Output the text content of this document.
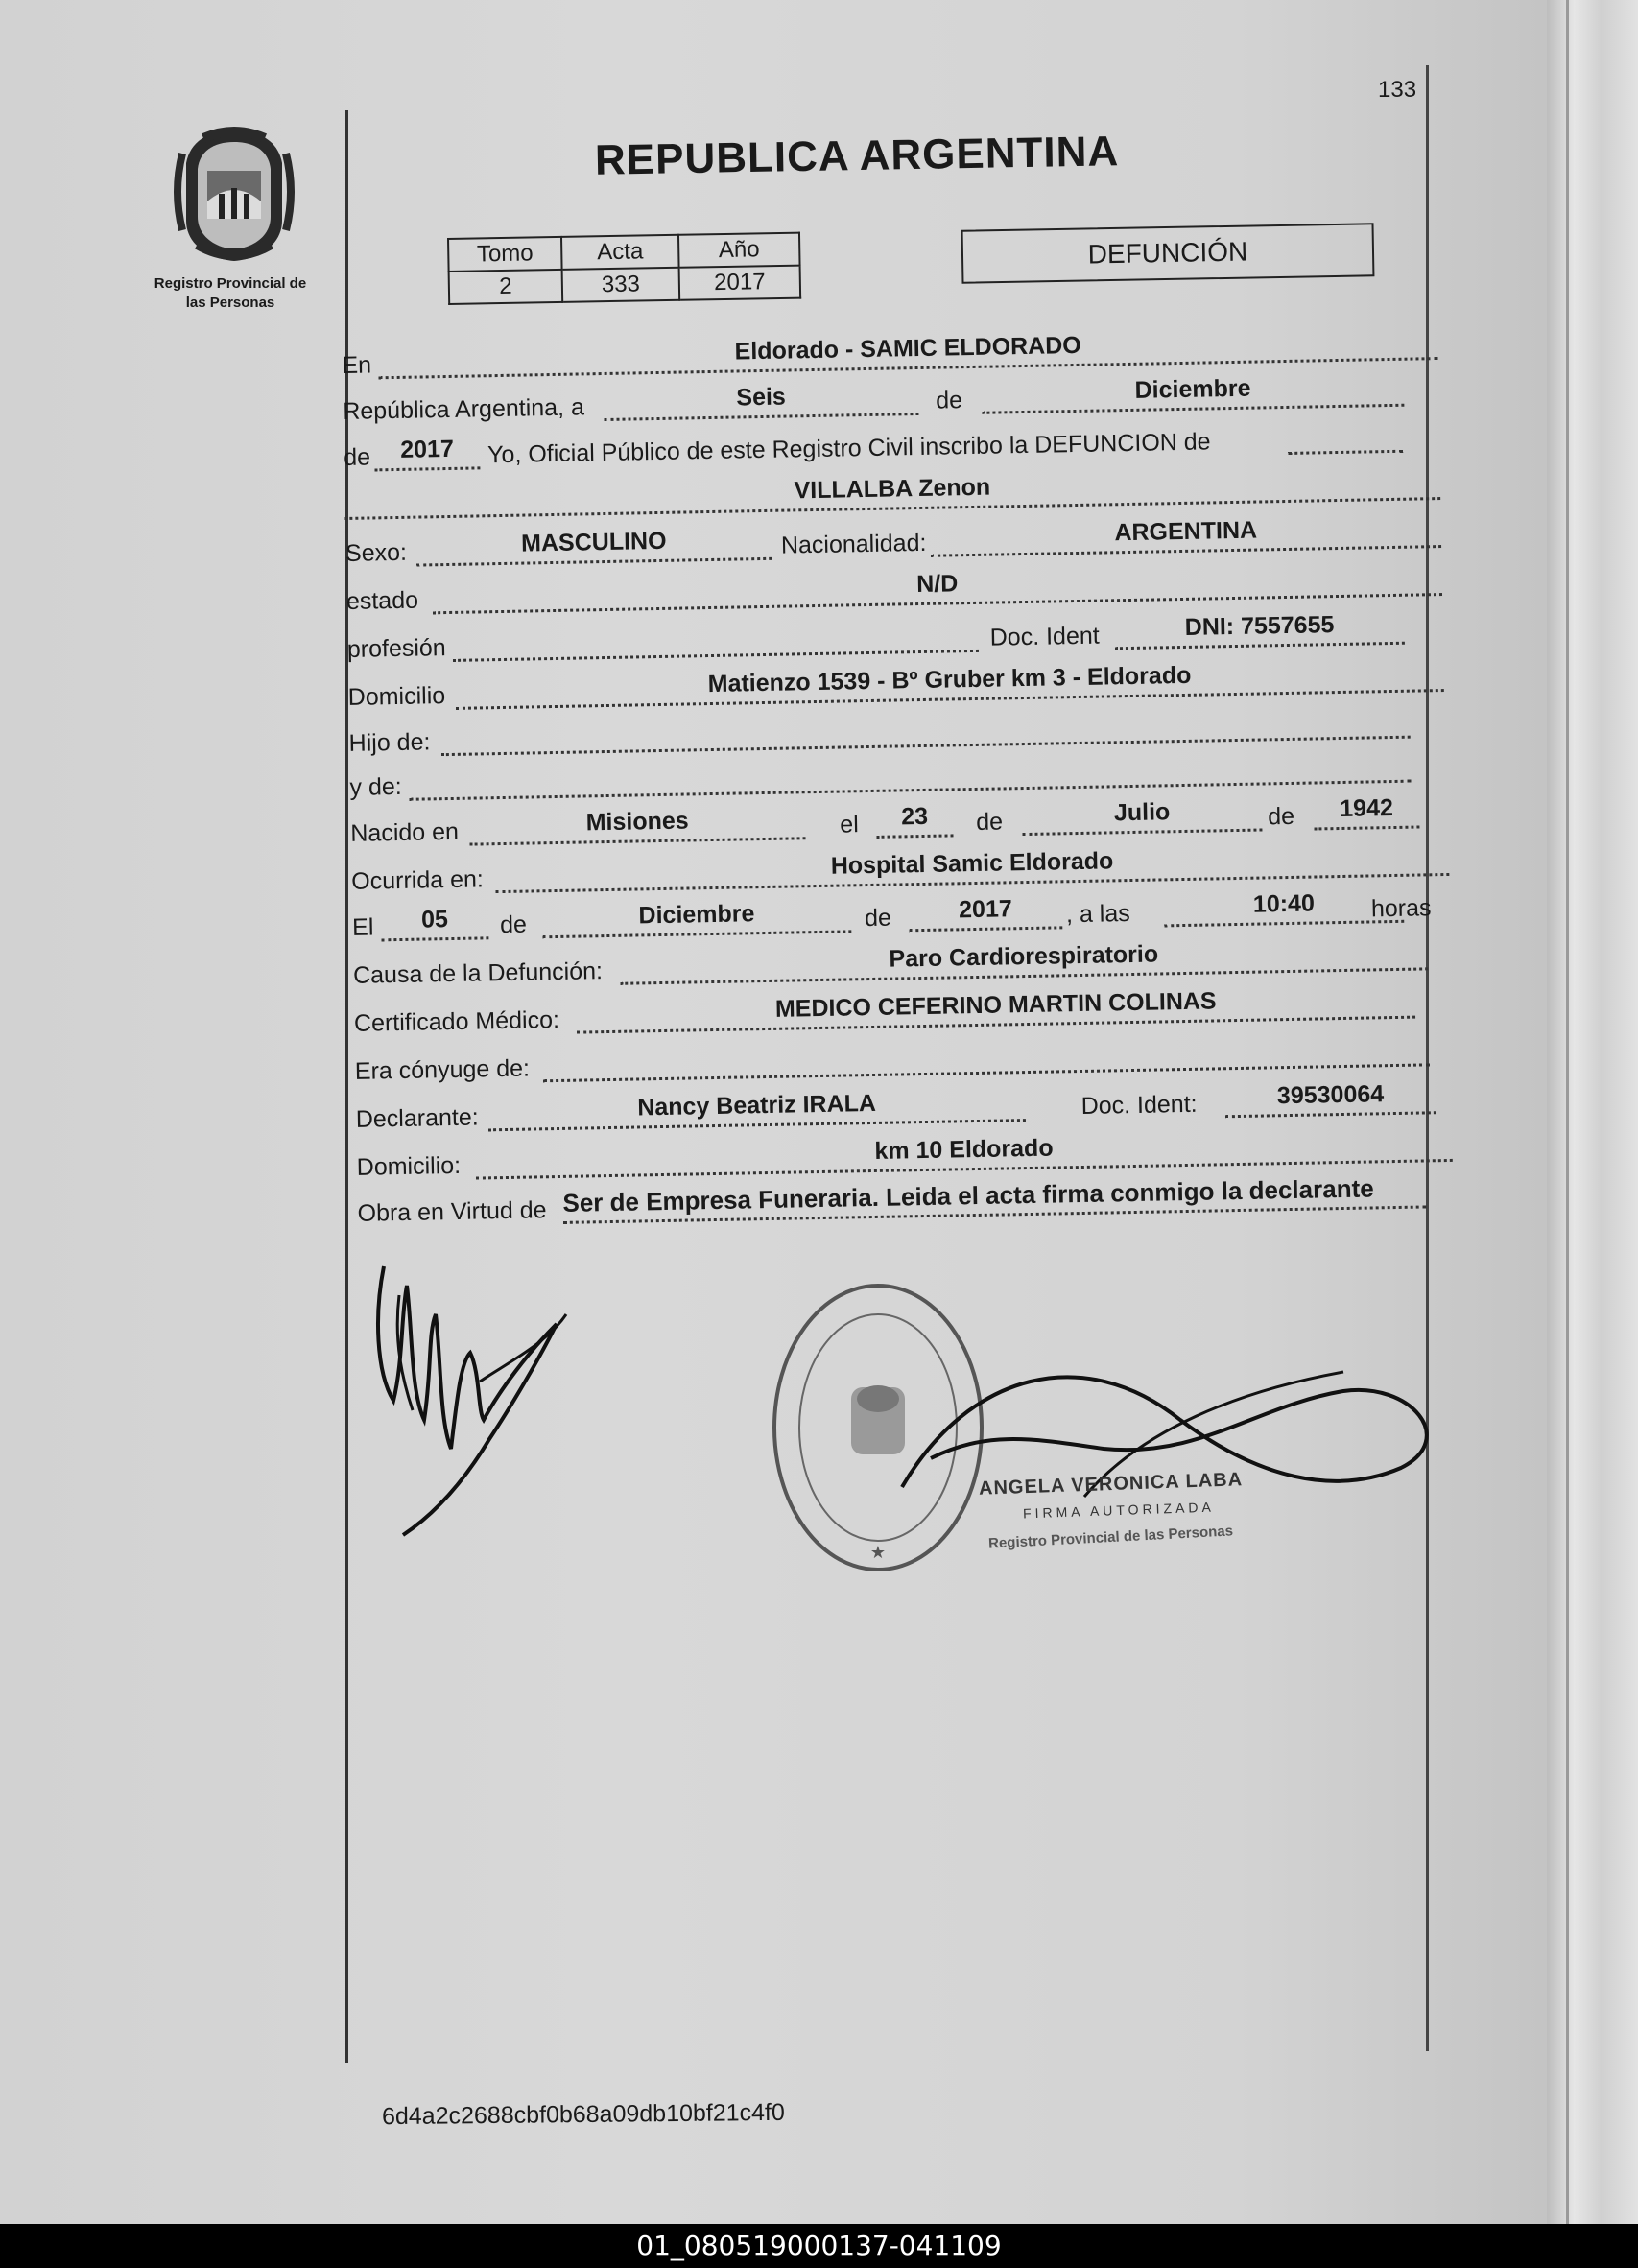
133
Registro Provincial de
las Personas
REPUBLICA ARGENTINA
Tomo	Acta	Año
2	333	2017
DEFUNCIÓN
En
Eldorado - SAMIC ELDORADO
República Argentina, a	Seis	de	Diciembre
de	2017	Yo, Oficial Público de este Registro Civil inscribo la DEFUNCION de
VILLALBA Zenon
Sexo:	MASCULINO	Nacionalidad:	ARGENTINA
estado
N/D
profesión	Doc. Ident	DNI: 7557655
Domicilio	Matienzo 1539 - Bº Gruber km 3 - Eldorado
Hijo de:
y de:
Nacido en	Misiones	el	23	de	Julio	de	1942
Ocurrida en:
Hospital Samic Eldorado
El	05	de	Diciembre	de	2017	, a las	10:40	horas
Causa de la Defunción:
Paro Cardiorespiratorio
Certificado Médico:	MEDICO CEFERINO MARTIN COLINAS
Era cónyuge de:
Declarante:	Nancy Beatriz IRALA	Doc. Ident:	39530064
Domicilio:
km 10 Eldorado
Obra en Virtud de Ser de Empresa Funeraria. Leida el acta firma conmigo la declarante
★
ANGELA VERONICA LABA
FIRMA AUTORIZADA
Registro Provincial de las Personas
6d4a2c2688cbf0b68a09db10bf21c4f0
01_080519000137-041109
